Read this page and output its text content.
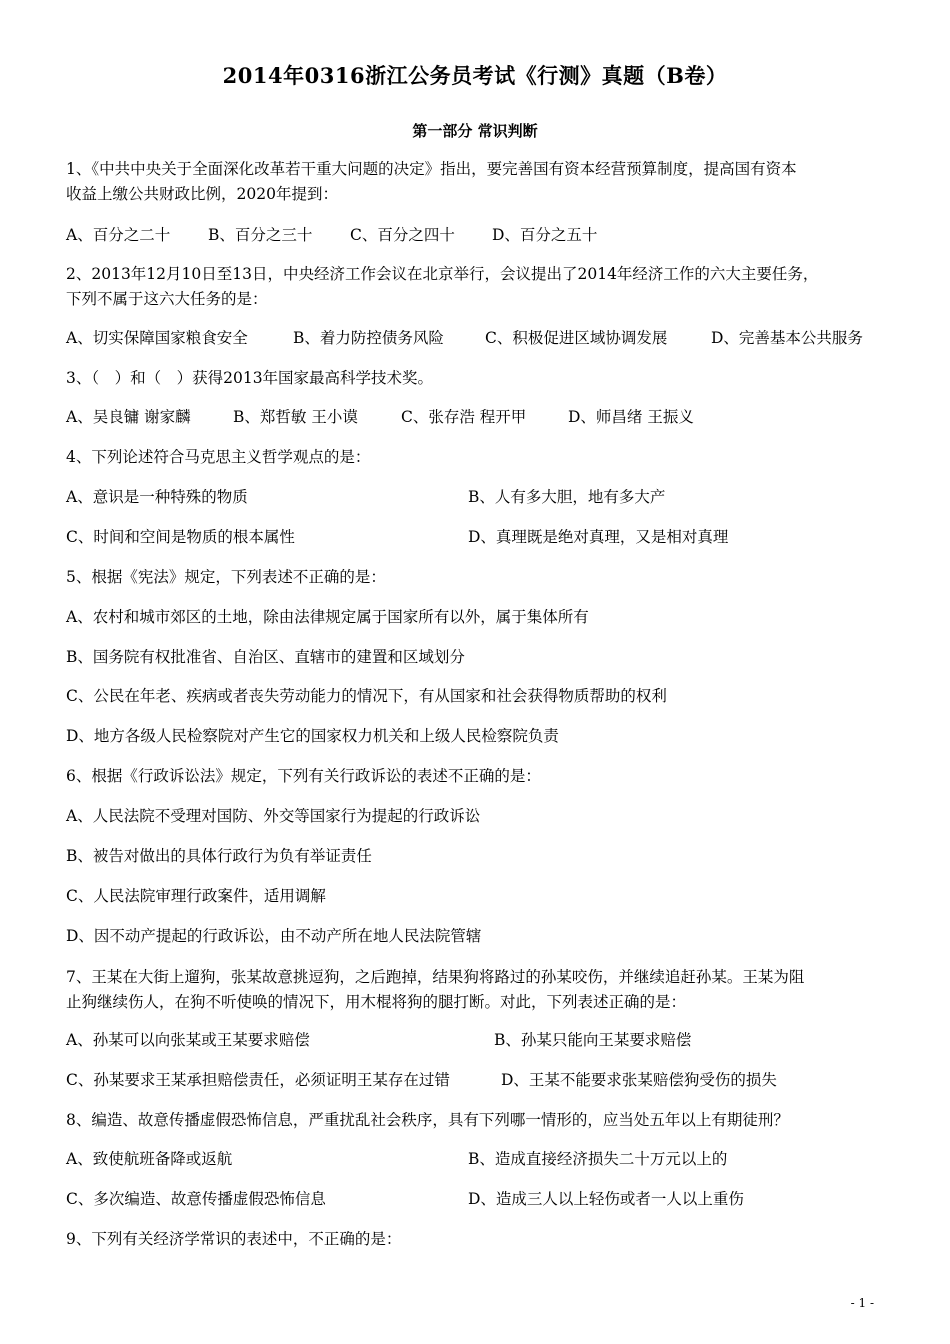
2014年0316浙江公务员考试《行测》真题（B卷）
第一部分 常识判断
1、《中共中央关于全面深化改革若干重大问题的决定》指出，要完善国有资本经营预算制度，提高国有资本
收益上缴公共财政比例，2020年提到：
A、百分之二十 B、百分之三十 C、百分之四十 D、百分之五十
2、2013年12月10日至13日，中央经济工作会议在北京举行，会议提出了2014年经济工作的六大主要任务，
下列不属于这六大任务的是：
A、切实保障国家粮食安全	B、着力防控债务风险	C、积极促进区域协调发展	D、完善基本公共服务
3、（　）和（　）获得2013年国家最高科学技术奖。
A、吴良镛 谢家麟	B、郑哲敏 王小谟	C、张存浩 程开甲	D、师昌绪 王振义
4、下列论述符合马克思主义哲学观点的是：
A、意识是一种特殊的物质	B、人有多大胆，地有多大产
C、时间和空间是物质的根本属性	D、真理既是绝对真理，又是相对真理
5、根据《宪法》规定，下列表述不正确的是：
A、农村和城市郊区的土地，除由法律规定属于国家所有以外，属于集体所有
B、国务院有权批准省、自治区、直辖市的建置和区域划分
C、公民在年老、疾病或者丧失劳动能力的情况下，有从国家和社会获得物质帮助的权利
D、地方各级人民检察院对产生它的国家权力机关和上级人民检察院负责
6、根据《行政诉讼法》规定，下列有关行政诉讼的表述不正确的是：
A、人民法院不受理对国防、外交等国家行为提起的行政诉讼
B、被告对做出的具体行政行为负有举证责任
C、人民法院审理行政案件，适用调解
D、因不动产提起的行政诉讼，由不动产所在地人民法院管辖
7、王某在大街上遛狗，张某故意挑逗狗，之后跑掉，结果狗将路过的孙某咬伤，并继续追赶孙某。王某为阻
止狗继续伤人，在狗不听使唤的情况下，用木棍将狗的腿打断。对此，下列表述正确的是：
A、孙某可以向张某或王某要求赔偿	B、孙某只能向王某要求赔偿
C、孙某要求王某承担赔偿责任，必须证明王某存在过错	D、王某不能要求张某赔偿狗受伤的损失
8、编造、故意传播虚假恐怖信息，严重扰乱社会秩序，具有下列哪一情形的，应当处五年以上有期徒刑？
A、致使航班备降或返航	B、造成直接经济损失二十万元以上的
C、多次编造、故意传播虚假恐怖信息	D、造成三人以上轻伤或者一人以上重伤
9、下列有关经济学常识的表述中，不正确的是：
- 1 -
